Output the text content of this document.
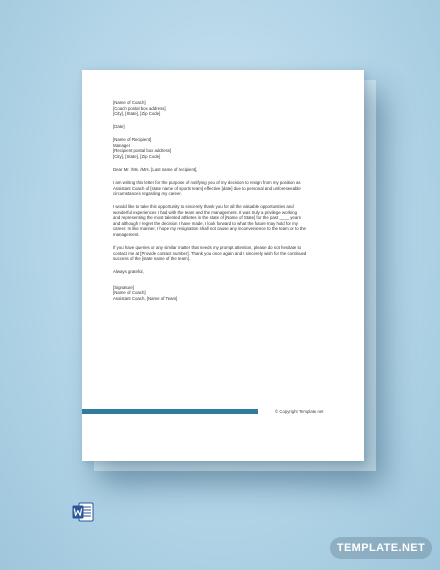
[Name of Coach]
[Coach postal box address]
[City], [State], [Zip Code]
[Date]
[Name of Recipient]
Manager
[Recipient postal box address]
[City], [State], [Zip Code]

Dear Mr. /Ms. /Mrs. [Last name of recipient],

I am writing this letter for the purpose of notifying you of my decision to resign from my position as
Assistant Coach of [state name of sports team] effective [date] due to personal and unforeseeable
circumstances regarding my career.

I would like to take this opportunity to sincerely thank you for all the valuable opportunities and
wonderful experiences I had with the team and the management. It was truly a privilege working
and representing the most talented athletes in the state of [Name of State] for the past ____ years
and although I regret the decision I have made, I look forward to what the future may hold for my
career. In like manner, I hope my resignation shall not cause any inconvenience to the team or to the
management.

If you have queries or any similar matter that needs my prompt attention, please do not hesitate to
contact me at [Provide contact number]. Thank you once again and I sincerely wish for the continued
success of the [state name of the team].

Always grateful,

[Signature]
[Name of Coach]
Assistant Coach, [Name of Team]
© Copyright Template.net
TEMPLATE.NET
